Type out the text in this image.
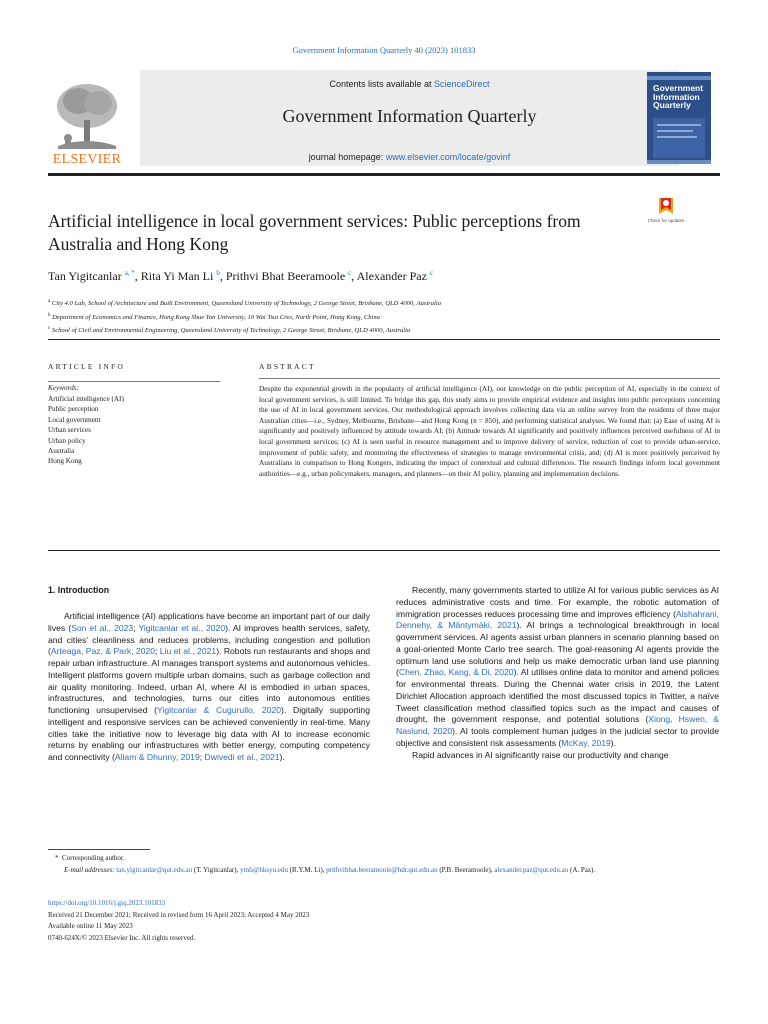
Government Information Quarterly 40 (2023) 101833
ELSEVIER
Contents lists available at ScienceDirect
Government Information Quarterly
journal homepage: www.elsevier.com/locate/govinf
Government
Information
Quarterly
Artificial intelligence in local government services: Public perceptions from Australia and Hong Kong
Check for updates
Tan Yigitcanlar $^{a, *}$, Rita Yi Man Li $^b$, Prithvi Bhat Beeramoole $^c$, Alexander Paz $^c$
$^a$ City 4.0 Lab, School of Architecture and Built Environment, Queensland University of Technology, 2 George Street, Brisbane, QLD 4000, Australia
$^b$ Department of Economics and Finance, Hong Kong Shue Yan University, 10 Wai Tsui Cres, North Point, Hong Kong, China
$^c$ School of Civil and Environmental Engineering, Queensland University of Technology, 2 George Street, Brisbane, QLD 4000, Australia
ARTICLE INFO
Keywords:
Artificial intelligence (AI)
Public perception
Local government
Urban services
Urban policy
Australia
Hong Kong
ABSTRACT
Despite the exponential growth in the popularity of artificial intelligence (AI), our knowledge on the public perception of AI, especially in the context of local government services, is still limited. To bridge this gap, this study aims to provide empirical evidence and insights into public perceptions concerning the use of AI in local government services. Our methodological approach involves collecting data via an online survey from the residents of three major Australian cities—i.e., Sydney, Melbourne, Brisbane—and Hong Kong (n = 850), and performing statistical analyses. We found that: (a) Ease of using AI is significantly and positively influenced by attitude towards AI; (b) Attitude towards AI significantly and positively influences perceived usefulness of AI in local government services; (c) AI is seen useful in resource management and to improve delivery of service, reduction of cost to provide urban-service, improvement of public safety, and monitoring the effectiveness of strategies to manage environmental crisis, and; (d) AI is more positively perceived by Australians in comparison to Hong Kongers, indicating the impact of contextual and cultural differences. The research findings inform local government authorities—e.g., urban policymakers, managers, and planners—on their AI policy, planning and implementation decisions.
1. Introduction

Artificial intelligence (AI) applications have become an important part of our daily lives (Son et al., 2023; Yigitcanlar et al., 2020). AI improves health services, safety, and cities’ cleanliness and reduces problems, including congestion and pollution (Arteaga, Paz, & Park, 2020; Liu et al., 2021). Robots run restaurants and shops and repair urban infrastructure. AI manages transport systems and autonomous vehicles. Intelligent platforms govern multiple urban domains, such as garbage collection and air quality monitoring. Indeed, urban AI, where AI is embodied in urban spaces, infrastructures, and technologies, turns our cities into autonomous entities functioning unsupervised (Yigitcanlar & Cugurullo, 2020). Digitally supporting intelligent and responsive services can be achieved conveniently in real-time. Many cities take the initiative now to leverage big data with AI to increase economic returns by enabling our infrastructures with better energy, computing competency and connectivity (Allam & Dhunny, 2019; Dwivedi et al., 2021).

Recently, many governments started to utilize AI for various public services as AI reduces administrative costs and time. For example, the robotic automation of immigration processes reduces processing time and improves efficiency (Alshahrani, Dennehy, & Mäntymäki, 2021). AI brings a technological breakthrough in local government services. AI agents assist urban planners in scenario planning based on a goal-oriented Monte Carlo tree search. The goal-reasoning AI agents provide the optimum land use solutions and help us make democratic urban land use planning (Chen, Zhao, Kang, & Di, 2020). AI utilises online data to monitor and amend policies for environmental threats. During the Chennai water crisis in 2019, the Latent Dirichlet Allocation approach identified the most discussed topics in Twitter, a naïve Tweet classification method classified topics such as the impact and causes of drought, the government response, and potential solutions (Xiong, Hswen, & Naslund, 2020). AI tools complement human judges in the judicial sector to provide objective and consistent risk assessments (McKay, 2019).

Rapid advances in AI significantly raise our productivity and change

*  Corresponding author.
E-mail addresses: tan.yigitcanlar@qut.edu.au (T. Yigitcanlar), ymli@hksyu.edu (R.Y.M. Li), prithvibhat.beeramoole@hdr.qut.edu.au (P.B. Beeramoole), alexander.paz@qut.edu.au (A. Paz).
https://doi.org/10.1016/j.giq.2023.101833
Received 21 December 2021; Received in revised form 16 April 2023; Accepted 4 May 2023
Available online 11 May 2023
0740-624X/© 2023 Elsevier Inc. All rights reserved.
